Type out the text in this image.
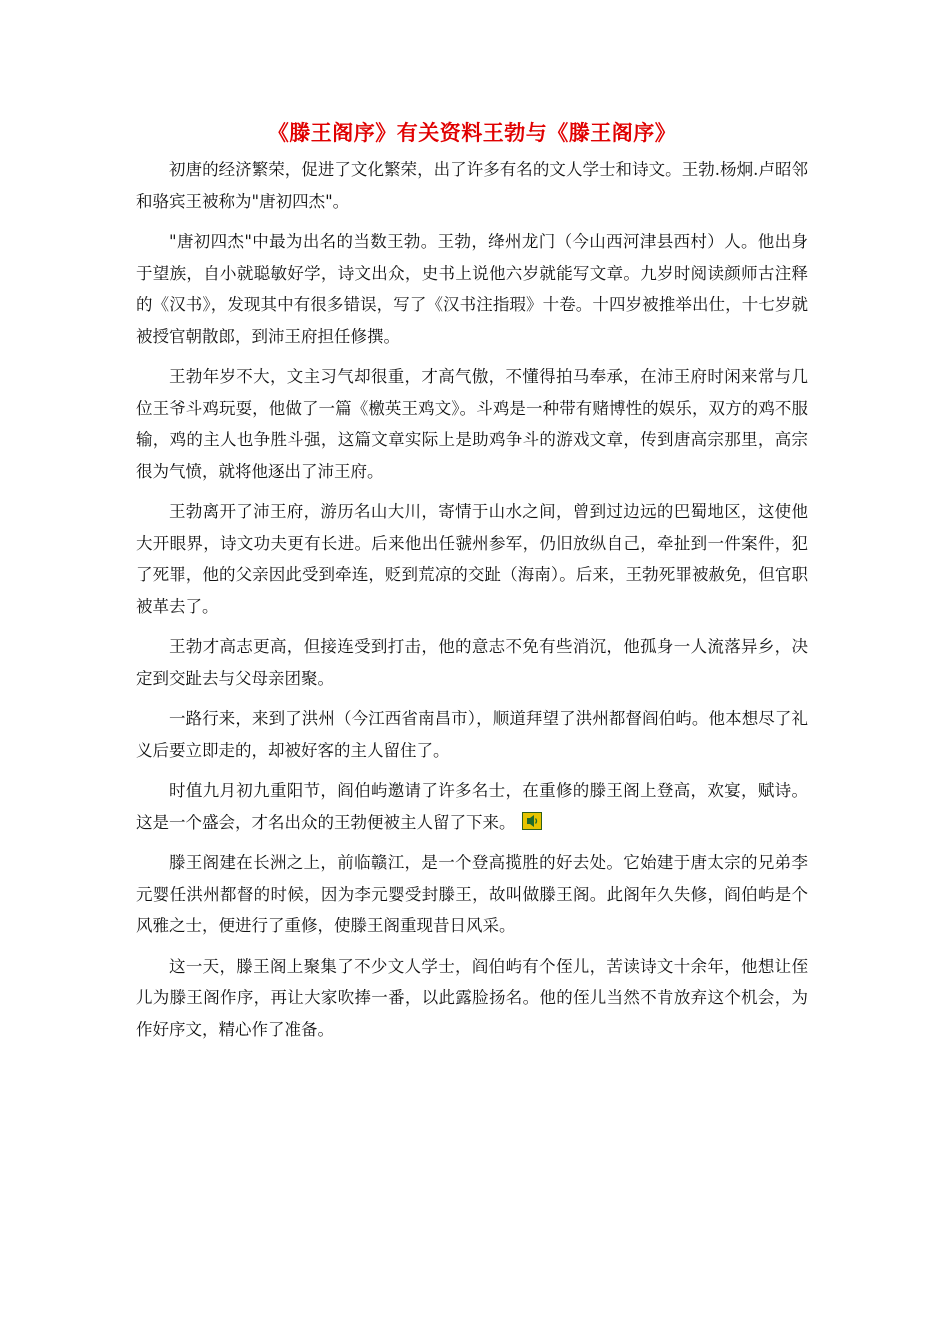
《滕王阁序》有关资料王勃与《滕王阁序》

初唐的经济繁荣，促进了文化繁荣，出了许多有名的文人学士和诗文。王勃.杨炯.卢昭邻和骆宾王被称为"唐初四杰"。

"唐初四杰"中最为出名的当数王勃。王勃，绛州龙门（今山西河津县西村）人。他出身于望族，自小就聪敏好学，诗文出众，史书上说他六岁就能写文章。九岁时阅读颜师古注释的《汉书》，发现其中有很多错误，写了《汉书注指瑕》十卷。十四岁被推举出仕，十七岁就被授官朝散郎，到沛王府担任修撰。

王勃年岁不大，文主习气却很重，才高气傲，不懂得拍马奉承，在沛王府时闲来常与几位王爷斗鸡玩耍，他做了一篇《檄英王鸡文》。斗鸡是一种带有赌博性的娱乐，双方的鸡不服输，鸡的主人也争胜斗强，这篇文章实际上是助鸡争斗的游戏文章，传到唐高宗那里，高宗很为气愤，就将他逐出了沛王府。

王勃离开了沛王府，游历名山大川，寄情于山水之间，曾到过边远的巴蜀地区，这使他大开眼界，诗文功夫更有长进。后来他出任虢州参军，仍旧放纵自己，牵扯到一件案件，犯了死罪，他的父亲因此受到牵连，贬到荒凉的交趾（海南）。后来，王勃死罪被赦免，但官职被革去了。

王勃才高志更高，但接连受到打击，他的意志不免有些消沉，他孤身一人流落异乡，决定到交趾去与父母亲团聚。

一路行来，来到了洪州（今江西省南昌市），顺道拜望了洪州都督阎伯屿。他本想尽了礼义后要立即走的，却被好客的主人留住了。

时值九月初九重阳节，阎伯屿邀请了许多名士，在重修的滕王阁上登高，欢宴，赋诗。这是一个盛会，才名出众的王勃便被主人留了下来。

滕王阁建在长洲之上，前临赣江，是一个登高揽胜的好去处。它始建于唐太宗的兄弟李元婴任洪州都督的时候，因为李元婴受封滕王，故叫做滕王阁。此阁年久失修，阎伯屿是个风雅之士，便进行了重修，使滕王阁重现昔日风采。

这一天，滕王阁上聚集了不少文人学士，阎伯屿有个侄儿，苦读诗文十余年，他想让侄儿为滕王阁作序，再让大家吹捧一番，以此露脸扬名。他的侄儿当然不肯放弃这个机会，为作好序文，精心作了准备。
